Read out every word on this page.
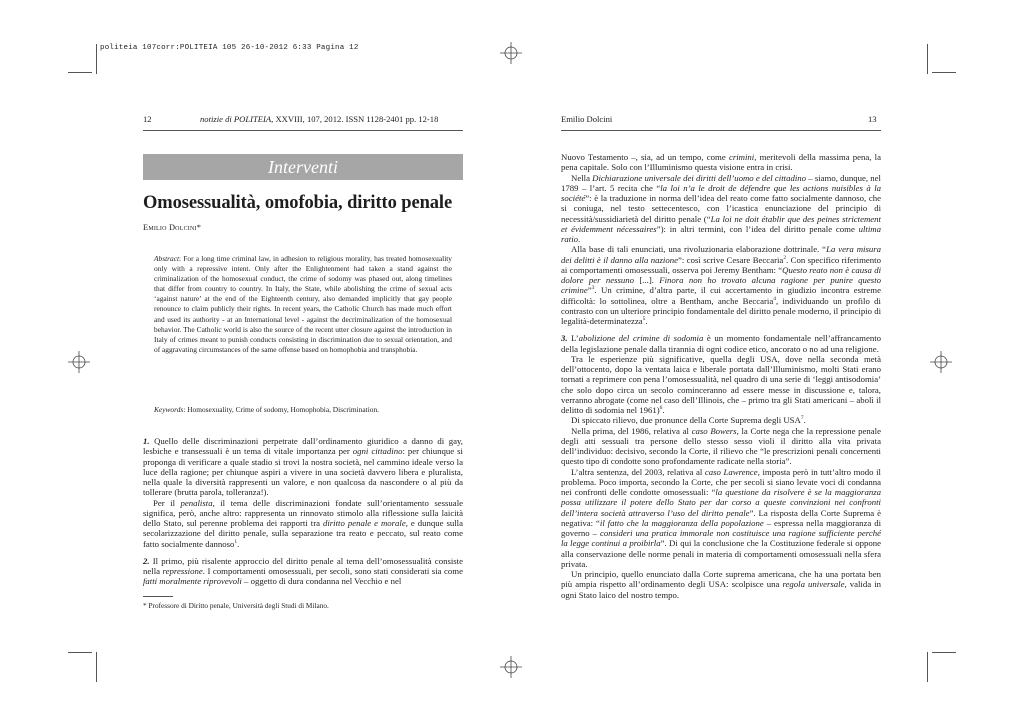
politeia 107corr:POLITEIA 105 26-10-2012 6:33 Pagina 12
12	notizie di POLITEIA, XXVIII, 107, 2012. ISSN 1128-2401 pp. 12-18
Interventi
Omosessualità, omofobia, diritto penale
Emilio Dolcini*
Abstract: For a long time criminal law, in adhesion to religious morality, has treated homosexuality only with a repressive intent. Only after the Enlightenment had taken a stand against the criminalization of the homosexual conduct, the crime of sodomy was phased out, along timelines that differ from country to country. In Italy, the State, while abolishing the crime of sexual acts ‘against nature’ at the end of the Eighteenth century, also demanded implicitly that gay people renounce to claim publicly their rights. In recent years, the Catholic Church has made much effort and used its authority - at an International level - against the decriminalization of the homosexual behavior. The Catholic world is also the source of the recent utter closure against the introduction in Italy of crimes meant to punish conducts consisting in discrimination due to sexual orientation, and of aggravating circumstances of the same offense based on homophobia and transphobia.
Keywords: Homosexuality, Crime of sodomy, Homophobia, Discrimination.

1. Quello delle discriminazioni perpetrate dall’ordinamento giuridico a danno di gay, lesbiche e transessuali è un tema di vitale importanza per ogni cittadino: per chiunque si proponga di verificare a quale stadio si trovi la nostra società, nel cammino ideale verso la luce della ragione; per chiunque aspiri a vivere in una società davvero libera e pluralista, nella quale la diversità rappresenti un valore, e non qualcosa da nascondere o al più da tollerare (brutta parola, tolleranza!).

Per il penalista, il tema delle discriminazioni fondate sull’orientamento sessuale significa, però, anche altro: rappresenta un rinnovato stimolo alla riflessione sulla laicità dello Stato, sul perenne problema dei rapporti tra diritto penale e morale, e dunque sulla secolarizzazione del diritto penale, sulla separazione tra reato e peccato, sul reato come fatto socialmente dannoso$^1$.

2. Il primo, più risalente approccio del diritto penale al tema dell’omosessualità consiste nella repressione. I comportamenti omosessuali, per secoli, sono stati considerati sia come fatti moralmente riprovevoli – oggetto di dura condanna nel Vecchio e nel

* Professore di Diritto penale, Università degli Studi di Milano.
Emilio Dolcini	13

Nuovo Testamento –, sia, ad un tempo, come crimini, meritevoli della massima pena, la pena capitale. Solo con l’Illuminismo questa visione entra in crisi.

Nella Dichiarazione universale dei diritti dell’uomo e del cittadino – siamo, dunque, nel 1789 – l’art. 5 recita che “la loi n’a le droit de défendre que les actions nuisibles à la société”: è la traduzione in norma dell’idea del reato come fatto socialmente dannoso, che si coniuga, nel testo settecentesco, con l’icastica enunciazione del principio di necessità/sussidiarietà del diritto penale (“La loi ne doit établir que des peines strictement et évidemment nécessaires”): in altri termini, con l’idea del diritto penale come ultima ratio.

Alla base di tali enunciati, una rivoluzionaria elaborazione dottrinale. “La vera misura dei delitti è il danno alla nazione”: così scrive Cesare Beccaria$^2$. Con specifico riferimento ai comportamenti omosessuali, osserva poi Jeremy Bentham: “Questo reato non è causa di dolore per nessuno [...]. Finora non ho trovato alcuna ragione per punire questo crimine”$^3$. Un crimine, d’altra parte, il cui accertamento in giudizio incontra estreme difficoltà: lo sottolinea, oltre a Bentham, anche Beccaria$^4$, individuando un profilo di contrasto con un ulteriore principio fondamentale del diritto penale moderno, il principio di legalità-determinatezza$^5$.

3. L’abolizione del crimine di sodomia è un momento fondamentale nell’affrancamento della legislazione penale dalla tirannia di ogni codice etico, ancorato o no ad una religione.

Tra le esperienze più significative, quella degli USA, dove nella seconda metà dell’ottocento, dopo la ventata laica e liberale portata dall’Illuminismo, molti Stati erano tornati a reprimere con pena l’omosessualità, nel quadro di una serie di ‘leggi antisodomia’ che solo dopo circa un secolo cominceranno ad essere messe in discussione e, talora, verranno abrogate (come nel caso dell’Illinois, che – primo tra gli Stati americani – abolì il delitto di sodomia nel 1961)$^6$.

Di spiccato rilievo, due pronunce della Corte Suprema degli USA$^7$.

Nella prima, del 1986, relativa al caso Bowers, la Corte nega che la repressione penale degli atti sessuali tra persone dello stesso sesso violi il diritto alla vita privata dell’individuo: decisivo, secondo la Corte, il rilievo che “le prescrizioni penali concernenti questo tipo di condotte sono profondamente radicate nella storia”.

L’altra sentenza, del 2003, relativa al caso Lawrence, imposta però in tutt’altro modo il problema. Poco importa, secondo la Corte, che per secoli si siano levate voci di condanna nei confronti delle condotte omosessuali: “la questione da risolvere è se la maggioranza possa utilizzare il potere dello Stato per dar corso a queste convinzioni nei confronti dell’intera società attraverso l’uso del diritto penale”. La risposta della Corte Suprema è negativa: “il fatto che la maggioranza della popolazione – espressa nella maggioranza di governo – consideri una pratica immorale non costituisce una ragione sufficiente perché la legge continui a proibirla”. Di qui la conclusione che la Costituzione federale si oppone alla conservazione delle norme penali in materia di comportamenti omosessuali nella sfera privata.

Un principio, quello enunciato dalla Corte suprema americana, che ha una portata ben più ampia rispetto all’ordinamento degli USA: scolpisce una regola universale, valida in ogni Stato laico del nostro tempo.
